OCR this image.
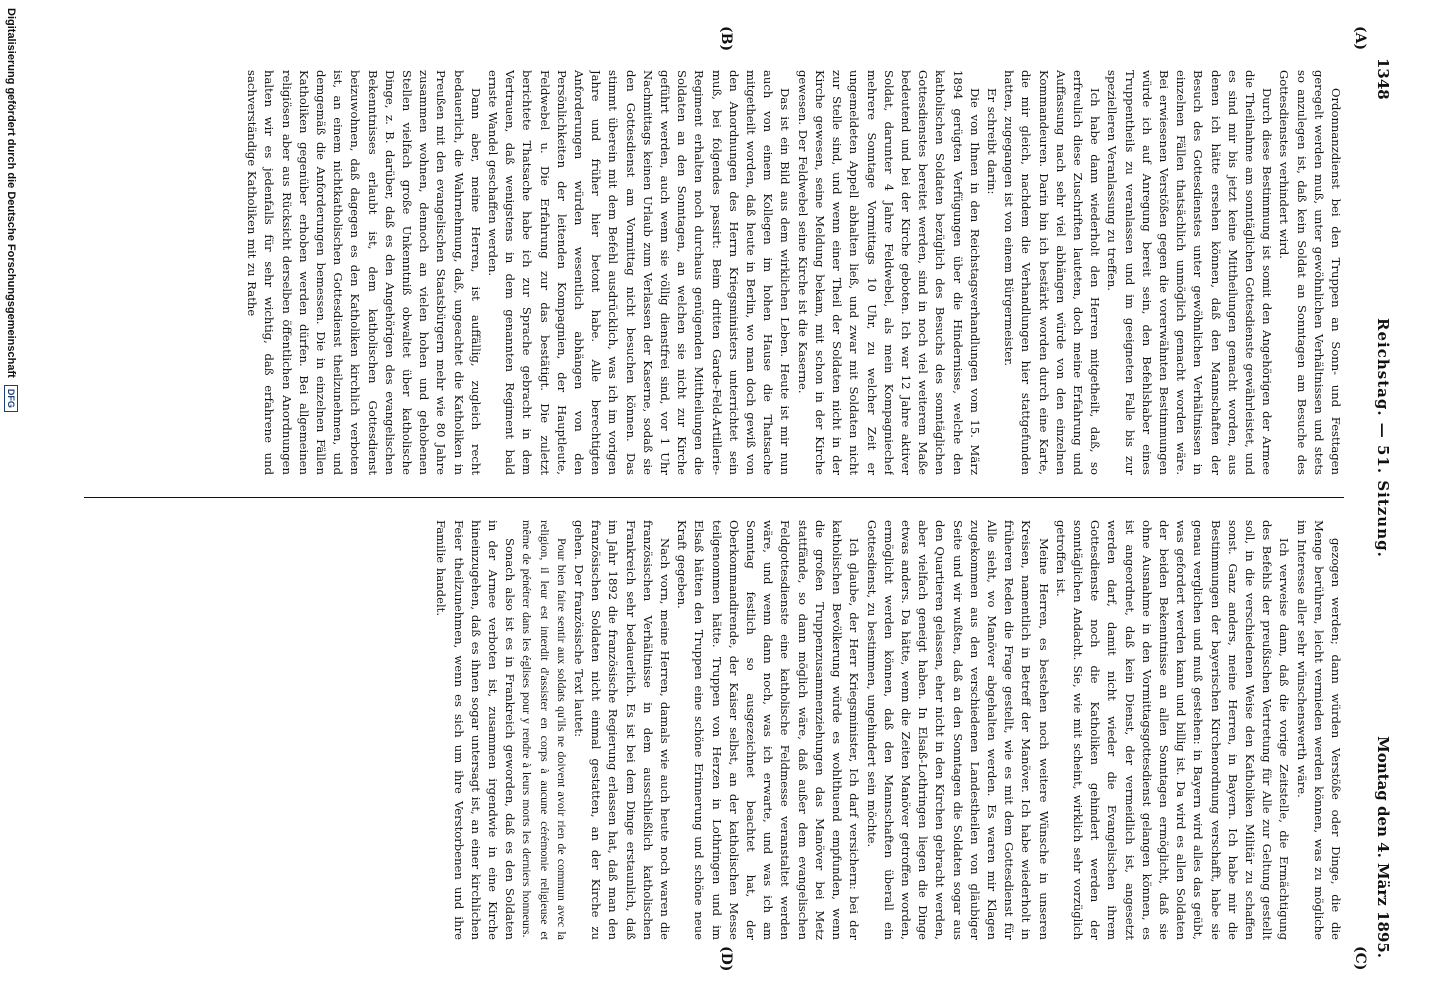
1348
Reichstag. — 51. Sitzung.
Montag den 4. März 1895.
(A)
(B)
(C)
(D)

Ordonnanzdienst bei den Truppen an Sonn- und Festtagen geregelt werden muß, unter gewöhnlichen Verhältnissen und stets so anzulegen ist, daß kein Soldat an Sonntagen am Besuche des Gottesdienstes verhindert wird.

Durch diese Bestimmung ist somit den Angehörigen der Armee die Theilnahme am sonntäglichen Gottesdienste gewährleistet, und es sind mir bis jetzt keine Mittheilungen gemacht worden, aus denen ich hätte ersehen können, daß den Mannschaften der Besuch des Gottesdienstes unter gewöhnlichen Verhältnissen in einzelnen Fällen thatsächlich unmöglich gemacht worden wäre. Bei erwiesenen Verstößen gegen die vorerwähnten Bestimmungen würde ich auf Anregung bereit sein, den Befehlshaber eines Truppentheils zu veranlassen und im geeigneten Falle bis zur spezielleren Veranlassung zu treffen.

Ich habe dann wiederholt den Herren mitgetheilt, daß, so erfreulich diese Zuschriften lauteten, doch meine Erfahrung und Auffassung nach sehr viel abhängen würde von den einzelnen Kommandeuren. Darin bin ich bestärkt worden durch eine Karte, die mir gleich, nachdem die Verhandlungen hier stattgefunden hatten, zugegangen ist von einem Bürgermeister.

Er schreibt darin:

Die von Ihnen in den Reichstagsverhandlungen vom 15. März 1894 gerügten Verfügungen über die Hindernisse, welche den katholischen Soldaten bezüglich des Besuchs des sonntäglichen Gottesdienstes bereitet werden, sind in noch viel weiterem Maße bedeutend und bei der Kirche geboten. Ich war 12 Jahre aktiver Soldat, darunter 4 Jahre Feldwebel, als mein Kompagniechef mehrere Sonntage Vormittags 10 Uhr, zu welcher Zeit er ungemeldeten Appell abhalten ließ, und zwar mit Soldaten nicht zur Stelle sind, und wenn einer Theil der Soldaten nicht in der Kirche gewesen, seine Meldung bekam, mit schon in der Kirche gewesen. Der Feldwebel seine Kirche ist die Kaserne.

Das ist ein Bild aus dem wirklichen Leben. Heute ist mir nun auch von einem Kollegen im hohen Hause die Thatsache mitgetheilt worden, daß heute in Berlin, wo man doch gewiß von den Anordnungen des Herrn Kriegsministers unterrichtet sein muß, bei folgendes passirt: Beim dritten Garde-Feld-Artillerie-Regiment erhalten noch durchaus genügenden Mittheilungen die Soldaten an den Sonntagen, an welchen sie nicht zur Kirche geführt werden, auch wenn sie völlig dienstfrei sind, vor 1 Uhr Nachmittags keinen Urlaub zum Verlassen der Kaserne, sodaß sie den Gottesdienst am Vormittag nicht besuchen können. Das stimmt überein mit dem Befehl ausdrücklich, was ich im vorigen Jahre und früher hier betont habe. Alle berechtigten Anforderungen würden wesentlich abhängen von den Persönlichkeiten der leitenden Kompagnien, der Hauptleute, Feldwebel u. Die Erfahrung zur das bestätigt. Die zuletzt berichtete Thatsache habe ich zur Sprache gebracht in dem Vertrauen, daß wenigstens in dem genannten Regiment bald ernste Wandel geschaffen werden.

Dann aber, meine Herren, ist auffällig, zugleich recht bedauerlich, die Wahrnehmung, daß, ungeachtet die Katholiken in Preußen mit den evangelischen Staatsbürgern mehr wie 80 Jahre zusammen wohnen, dennoch an vielen hohen und gehobenen Stellen vielfach große Unkenntniß obwaltet über katholische Dinge, z. B. darüber, daß es den Angehörigen des evangelischen Bekenntnisses erlaubt ist, dem katholischen Gottesdienst beizuwohnen, daß dagegen es den Katholiken kirchlich verboten ist, an einem nichtkatholischen Gottesdienst theilzunehmen, und demgemäß die Anforderungen bemessen. Die in einzelnen Fällen Katholiken gegenüber erhoben werden dürfen. Bei allgemeinen religiösen aber aus Rücksicht derselben öffentlichen Anordnungen halten wir es jedenfalls für sehr wichtig, daß erfahrene und sachverständige Katholiken mit zu Rathe

gezogen werden; dann würden Verstöße oder Dinge, die die Menge berühren, leicht vermieden werden können, was zu mögliche im Interesse aller sehr wünschenswerth wäre.

Ich verweise dann, daß die vorige Zeitstelle, die Ermächtigung des Befehls der preußischen Vertretung für Alle zur Geltung gestellt soll, in die verschiedenen Weise den Katholiken Militär zu schaffen sonst. Ganz anders, meine Herren, in Bayern. Ich habe mir die Bestimmungen der bayerischen Kirchenordnung verschafft, habe sie genau verglichen und muß gestehen: in Bayern wird alles das geübt, was gefordert werden kann und billig ist. Da wird es allen Soldaten der beiden Bekenntnisse an allen Sonntagen ermöglicht, daß sie ohne Ausnahme in den Vormittagsgottesdienst gelangen können, es ist angeordnet, daß kein Dienst, der vermeidlich ist, angesetzt werden darf, damit nicht wieder die Evangelischen ihrem Gottesdienste noch die Katholiken gehindert werden der sonntäglichen Andacht. Sie, wie mit scheint, wirklich sehr vorzüglich getroffen ist.

Meine Herren, es bestehen noch weitere Wünsche in unseren Kreisen, namentlich in Betreff der Manöver. Ich habe wiederholt in früheren Reden die Frage gestellt, wie es mit dem Gottesdienst für Alle sieht, wo Manöver abgehalten werden. Es waren mir Klagen zugekommen aus den verschiedenen Landestheilen von gläubiger Seite und wir wußten, daß an den Sonntagen die Soldaten sogar aus den Quartieren gelassen, eher nicht in den Kirchen gebracht werden, aber vielfach geneigt haben. In Elsaß-Lothringen liegen die Dinge etwas anders. Da hätte, wenn die Zeiten Manöver getroffen worden, ermöglicht werden können, daß den Mannschaften überall ein Gottesdienst, zu bestimmen, ungehindert sein möchte.

Ich glaube, der Herr Kriegsminister, Ich darf versichern: bei der katholischen Bevölkerung würde es wohlthuend empfunden, wenn die großen Truppenzusammenziehungen das Manöver bei Metz stattfände, so dann möglich wäre, daß außer dem evangelischen Feldgottesdienste eine katholische Feldmesse veranstaltet werden wäre, und wenn dann noch, was ich erwarte, und was ich am Sonntag festlich so ausgezeichnet beachtet hat, der Oberkommandirende, der Kaiser selbst, an der katholischen Messe teilgenommen hätte. Truppen von Herzen in Lothringen und im Elsaß hätten den Truppen eine schöne Erinnerung und schöne neue Kraft gegeben.

Nach vorn, meine Herren, damals wie auch heute noch waren die französischen Verhältnisse in dem ausschließlich katholischen Frankreich sehr bedauerlich. Es ist bei dem Dinge erstaunlich, daß im Jahr 1892 die französische Regierung erlassen hat, daß man den französischen Soldaten nicht einmal gestatten, an der Kirche zu gehen. Der französische Text lautet:

Pour bien faire sentir aux soldats qu'ils ne doivent avoir rien de commun avec la religion, il leur est interdit d'assister en corps à aucune cérémonie religieuse et même de pénétrer dans les églises pour y rendre à leurs morts les derniers honneurs.

Sonach also ist es in Frankreich geworden, daß es den Soldaten in der Armee verboten ist, zusammen irgendwie in eine Kirche hineinzugehen, daß es ihnen sogar untersagt ist, an einer kirchlichen Feier theilzunehmen, wenn es sich um ihre Verstorbenen und ihre Familie handelt.

Digitalisierung gefördert durch die Deutsche Forschungsgemeinschaft DFG
